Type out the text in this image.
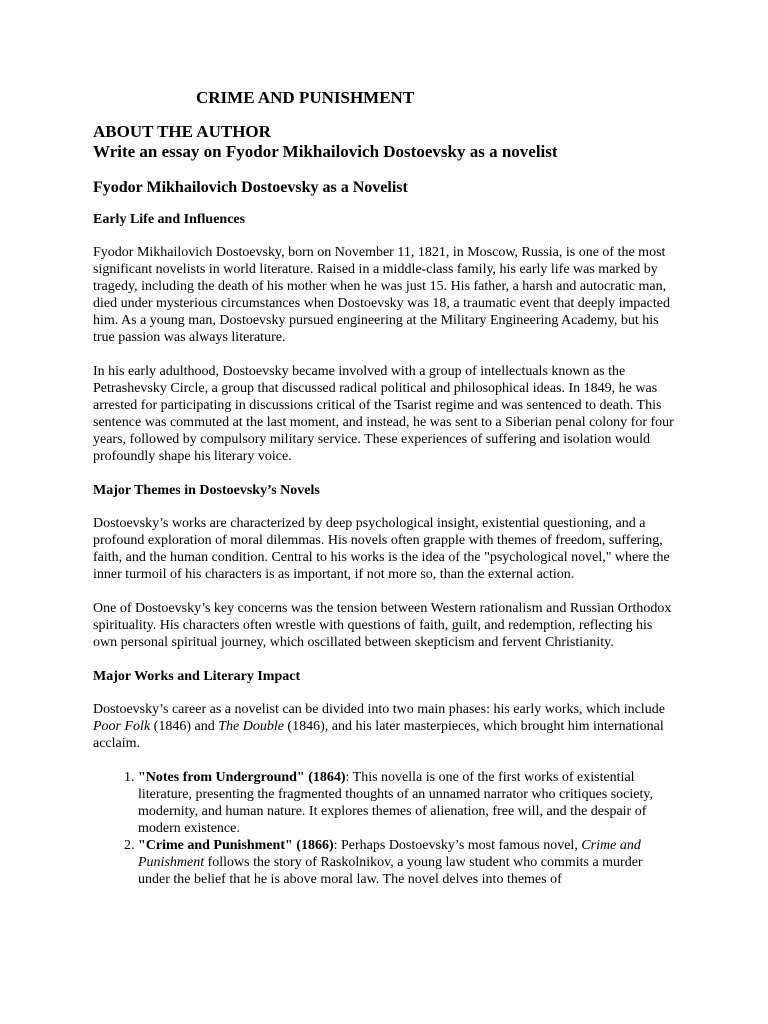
CRIME AND PUNISHMENT
ABOUT THE AUTHOR
Write an essay on Fyodor Mikhailovich Dostoevsky as a novelist
Fyodor Mikhailovich Dostoevsky as a Novelist
Early Life and Influences

Fyodor Mikhailovich Dostoevsky, born on November 11, 1821, in Moscow, Russia, is one of the most significant novelists in world literature. Raised in a middle-class family, his early life was marked by tragedy, including the death of his mother when he was just 15. His father, a harsh and autocratic man, died under mysterious circumstances when Dostoevsky was 18, a traumatic event that deeply impacted him. As a young man, Dostoevsky pursued engineering at the Military Engineering Academy, but his true passion was always literature.

In his early adulthood, Dostoevsky became involved with a group of intellectuals known as the Petrashevsky Circle, a group that discussed radical political and philosophical ideas. In 1849, he was arrested for participating in discussions critical of the Tsarist regime and was sentenced to death. This sentence was commuted at the last moment, and instead, he was sent to a Siberian penal colony for four years, followed by compulsory military service. These experiences of suffering and isolation would profoundly shape his literary voice.

Major Themes in Dostoevsky’s Novels

Dostoevsky’s works are characterized by deep psychological insight, existential questioning, and a profound exploration of moral dilemmas. His novels often grapple with themes of freedom, suffering, faith, and the human condition. Central to his works is the idea of the "psychological novel," where the inner turmoil of his characters is as important, if not more so, than the external action.

One of Dostoevsky’s key concerns was the tension between Western rationalism and Russian Orthodox spirituality. His characters often wrestle with questions of faith, guilt, and redemption, reflecting his own personal spiritual journey, which oscillated between skepticism and fervent Christianity.

Major Works and Literary Impact

Dostoevsky’s career as a novelist can be divided into two main phases: his early works, which include Poor Folk (1846) and The Double (1846), and his later masterpieces, which brought him international acclaim.

1. "Notes from Underground" (1864): This novella is one of the first works of existential literature, presenting the fragmented thoughts of an unnamed narrator who critiques society, modernity, and human nature. It explores themes of alienation, free will, and the despair of modern existence.
2. "Crime and Punishment" (1866): Perhaps Dostoevsky’s most famous novel, Crime and Punishment follows the story of Raskolnikov, a young law student who commits a murder under the belief that he is above moral law. The novel delves into themes of
